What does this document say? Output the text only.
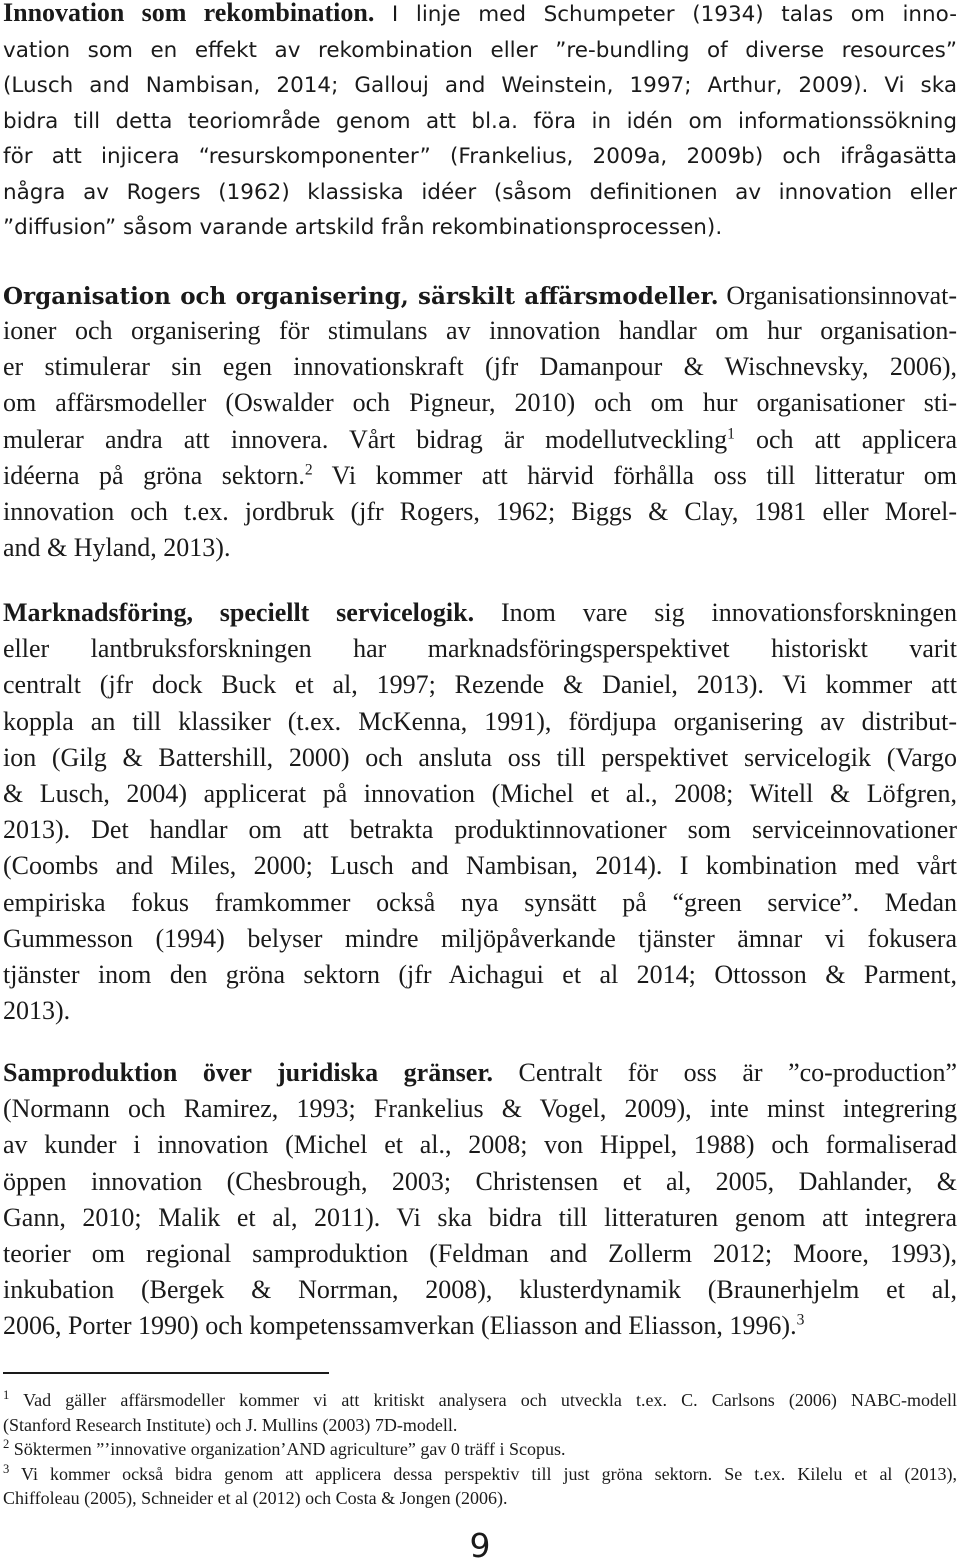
Innovation som rekombination. I linje med Schumpeter (1934) talas om inno-
vation som en effekt av rekombination eller ”re-bundling of diverse resources”
(Lusch and Nambisan, 2014; Gallouj and Weinstein, 1997; Arthur, 2009). Vi ska
bidra till detta teoriområde genom att bl.a. föra in idén om informationssökning
för att injicera “resurskomponenter” (Frankelius, 2009a, 2009b) och ifrågasätta
några av Rogers (1962) klassiska idéer (såsom definitionen av innovation eller
”diffusion” såsom varande artskild från rekombinationsprocessen).
Organisation och organisering, särskilt affärsmodeller. Organisationsinnovat-
ioner och organisering för stimulans av innovation handlar om hur organisation-
er stimulerar sin egen innovationskraft (jfr Damanpour & Wischnevsky, 2006),
om affärsmodeller (Oswalder och Pigneur, 2010) och om hur organisationer sti-
mulerar andra att innovera. Vårt bidrag är modellutveckling$^1$ och att applicera
idéerna på gröna sektorn.$^2$ Vi kommer att härvid förhålla oss till litteratur om
innovation och t.ex. jordbruk (jfr Rogers, 1962; Biggs & Clay, 1981 eller Morel-
and & Hyland, 2013).
Marknadsföring, speciellt servicelogik. Inom vare sig innovationsforskningen
eller lantbruksforskningen har marknadsföringsperspektivet historiskt varit
centralt (jfr dock Buck et al, 1997; Rezende & Daniel, 2013). Vi kommer att
koppla an till klassiker (t.ex. McKenna, 1991), fördjupa organisering av distribut-
ion (Gilg & Battershill, 2000) och ansluta oss till perspektivet servicelogik (Vargo
& Lusch, 2004) applicerat på innovation (Michel et al., 2008; Witell & Löfgren,
2013). Det handlar om att betrakta produktinnovationer som serviceinnovationer
(Coombs and Miles, 2000; Lusch and Nambisan, 2014). I kombination med vårt
empiriska fokus framkommer också nya synsätt på “green service”. Medan
Gummesson (1994) belyser mindre miljöpåverkande tjänster ämnar vi fokusera
tjänster inom den gröna sektorn (jfr Aichagui et al 2014; Ottosson & Parment,
2013).
Samproduktion över juridiska gränser. Centralt för oss är ”co-production”
(Normann och Ramirez, 1993; Frankelius & Vogel, 2009), inte minst integrering
av kunder i innovation (Michel et al., 2008; von Hippel, 1988) och formaliserad
öppen innovation (Chesbrough, 2003; Christensen et al, 2005, Dahlander, &
Gann, 2010; Malik et al, 2011). Vi ska bidra till litteraturen genom att integrera
teorier om regional samproduktion (Feldman and Zollerm 2012; Moore, 1993),
inkubation (Bergek & Norrman, 2008), klusterdynamik (Braunerhjelm et al,
2006, Porter 1990) och kompetenssamverkan (Eliasson and Eliasson, 1996).$^3$
$^1$ Vad gäller affärsmodeller kommer vi att kritiskt analysera och utveckla t.ex. C. Carlsons (2006) NABC-modell
(Stanford Research Institute) och J. Mullins (2003) 7D-modell.
$^2$ Söktermen ”’innovative organization’AND agriculture” gav 0 träff i Scopus.
$^3$ Vi kommer också bidra genom att applicera dessa perspektiv till just gröna sektorn. Se t.ex. Kilelu et al (2013),
Chiffoleau (2005), Schneider et al (2012) och Costa & Jongen (2006).
9
